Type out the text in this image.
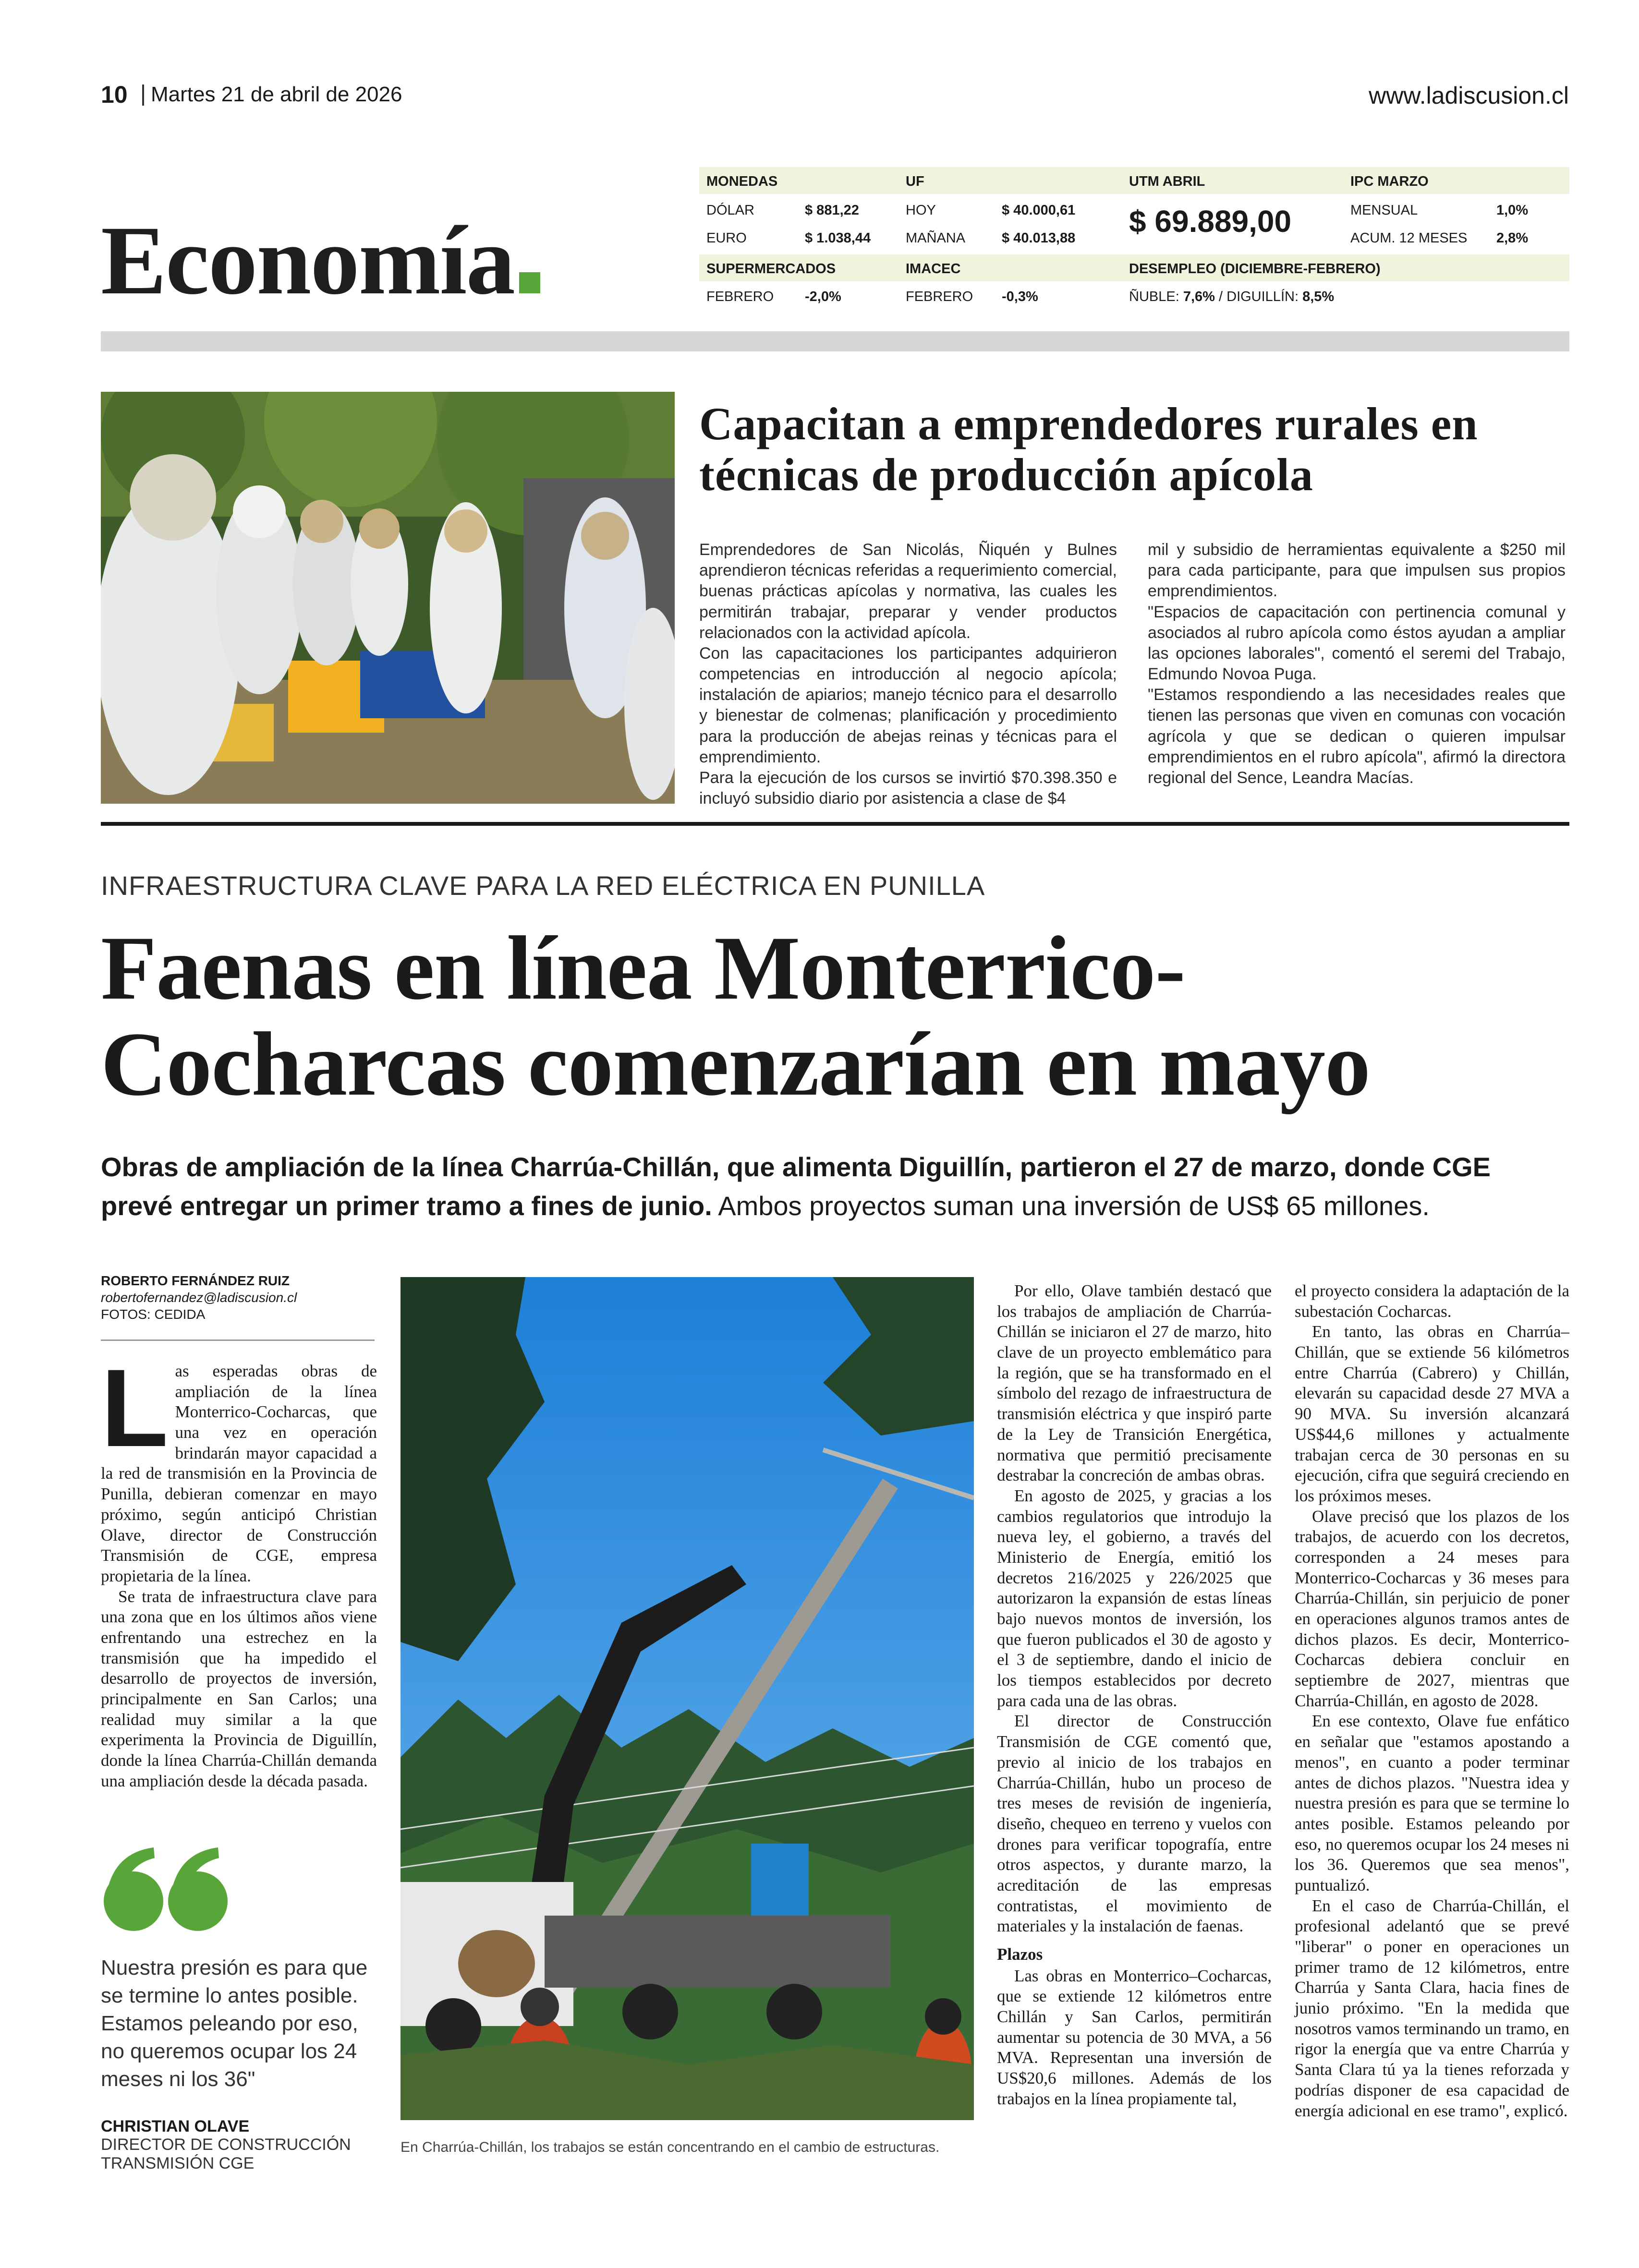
10 Martes 21 de abril de 2026	www.ladiscusion.cl
Economía
MONEDAS
DÓLAR	$ 881,22
EURO	$ 1.038,44
UF
HOY	$ 40.000,61
MAÑANA	$ 40.013,88
UTM ABRIL
$ 69.889,00
IPC MARZO
MENSUAL	1,0%
ACUM. 12 MESES 2,8%
SUPERMERCADOS
FEBRERO -2,0%
IMACEC
FEBRERO -0,3%
DESEMPLEO (DICIEMBRE-FEBRERO)
ÑUBLE: 7,6% / DIGUILLÍN: 8,5%
Capacitan a emprendedores rurales en técnicas de producción apícola

Emprendedores de San Nicolás, Ñiquén y Bulnes aprendieron técnicas referidas a requerimiento comercial, buenas prácticas apícolas y normativa, las cuales les permitirán trabajar, preparar y vender productos relacionados con la actividad apícola.

Con las capacitaciones los participantes adquirieron competencias en introducción al negocio apícola; instalación de apiarios; manejo técnico para el desarrollo y bienestar de colmenas; planificación y procedimiento para la producción de abejas reinas y técnicas para el emprendimiento.

Para la ejecución de los cursos se invirtió $70.398.350 e incluyó subsidio diario por asistencia a clase de $4

mil y subsidio de herramientas equivalente a $250 mil para cada participante, para que impulsen sus propios emprendimientos.

"Espacios de capacitación con pertinencia comunal y asociados al rubro apícola como éstos ayudan a ampliar las opciones laborales", comentó el seremi del Trabajo, Edmundo Novoa Puga.

"Estamos respondiendo a las necesidades reales que tienen las personas que viven en comunas con vocación agrícola y que se dedican o quieren impulsar emprendimientos en el rubro apícola", afirmó la directora regional del Sence, Leandra Macías.

INFRAESTRUCTURA CLAVE PARA LA RED ELÉCTRICA EN PUNILLA
Faenas en línea Monterrico-Cocharcas comenzarían en mayo
Obras de ampliación de la línea Charrúa-Chillán, que alimenta Diguillín, partieron el 27 de marzo, donde CGE prevé entregar un primer tramo a fines de junio. Ambos proyectos suman una inversión de US$ 65 millones.
ROBERTO FERNÁNDEZ RUIZ
robertofernandez@ladiscusion.cl
FOTOS: CEDIDA
L as esperadas obras de ampliación de la línea Monterrico-Cocharcas, que una vez en operación brindarán mayor capacidad a la red de transmisión en la Provincia de Punilla, debieran comenzar en mayo próximo, según anticipó Christian Olave, director de Construcción Transmisión de CGE, empresa propietaria de la línea.

Se trata de infraestructura clave para una zona que en los últimos años viene enfrentando una estrechez en la transmisión que ha impedido el desarrollo de proyectos de inversión, principalmente en San Carlos; una realidad muy similar a la que experimenta la Provincia de Diguillín, donde la línea Charrúa-Chillán demanda una ampliación desde la década pasada.

Nuestra presión es para que se termine lo antes posible. Estamos peleando por eso, no queremos ocupar los 24 meses ni los 36"
CHRISTIAN OLAVE
DIRECTOR DE CONSTRUCCIÓN TRANSMISIÓN CGE
En Charrúa-Chillán, los trabajos se están concentrando en el cambio de estructuras.

Por ello, Olave también destacó que los trabajos de ampliación de Charrúa-Chillán se iniciaron el 27 de marzo, hito clave de un proyecto emblemático para la región, que se ha transformado en el símbolo del rezago de infraestructura de transmisión eléctrica y que inspiró parte de la Ley de Transición Energética, normativa que permitió precisamente destrabar la concreción de ambas obras.

En agosto de 2025, y gracias a los cambios regulatorios que introdujo la nueva ley, el gobierno, a través del Ministerio de Energía, emitió los decretos 216/2025 y 226/2025 que autorizaron la expansión de estas líneas bajo nuevos montos de inversión, los que fueron publicados el 30 de agosto y el 3 de septiembre, dando el inicio de los tiempos establecidos por decreto para cada una de las obras.

El director de Construcción Transmisión de CGE comentó que, previo al inicio de los trabajos en Charrúa-Chillán, hubo un proceso de tres meses de revisión de ingeniería, diseño, chequeo en terreno y vuelos con drones para verificar topografía, entre otros aspectos, y durante marzo, la acreditación de las empresas contratistas, el movimiento de materiales y la instalación de faenas.

Plazos

Las obras en Monterrico–Cocharcas, que se extiende 12 kilómetros entre Chillán y San Carlos, permitirán aumentar su potencia de 30 MVA, a 56 MVA. Representan una inversión de US$20,6 millones. Además de los trabajos en la línea propiamente tal,

el proyecto considera la adaptación de la subestación Cocharcas.

En tanto, las obras en Charrúa–Chillán, que se extiende 56 kilómetros entre Charrúa (Cabrero) y Chillán, elevarán su capacidad desde 27 MVA a 90 MVA. Su inversión alcanzará US$44,6 millones y actualmente trabajan cerca de 30 personas en su ejecución, cifra que seguirá creciendo en los próximos meses.

Olave precisó que los plazos de los trabajos, de acuerdo con los decretos, corresponden a 24 meses para Monterrico-Cocharcas y 36 meses para Charrúa-Chillán, sin perjuicio de poner en operaciones algunos tramos antes de dichos plazos. Es decir, Monterrico-Cocharcas debiera concluir en septiembre de 2027, mientras que Charrúa-Chillán, en agosto de 2028.

En ese contexto, Olave fue enfático en señalar que "estamos apostando a menos", en cuanto a poder terminar antes de dichos plazos. "Nuestra idea y nuestra presión es para que se termine lo antes posible. Estamos peleando por eso, no queremos ocupar los 24 meses ni los 36. Queremos que sea menos", puntualizó.

En el caso de Charrúa-Chillán, el profesional adelantó que se prevé "liberar" o poner en operaciones un primer tramo de 12 kilómetros, entre Charrúa y Santa Clara, hacia fines de junio próximo. "En la medida que nosotros vamos terminando un tramo, en rigor la energía que va entre Charrúa y Santa Clara tú ya la tienes reforzada y podrías disponer de esa capacidad de energía adicional en ese tramo", explicó.
